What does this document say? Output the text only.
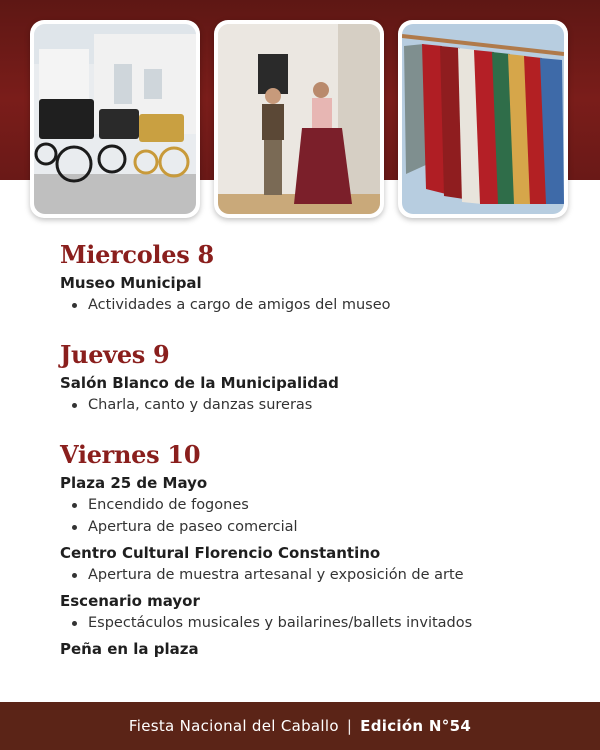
Miercoles 8
Museo Municipal
Actividades a cargo de amigos del museo
Jueves 9
Salón Blanco de la Municipalidad
Charla, canto y danzas sureras
Viernes 10
Plaza 25 de Mayo
Encendido de fogones
Apertura de paseo comercial
Centro Cultural Florencio Constantino
Apertura de muestra artesanal y exposición de arte
Escenario mayor
Espectáculos musicales y bailarines/ballets invitados
Peña en la plaza
Fiesta Nacional del Caballo | Edición N°54
